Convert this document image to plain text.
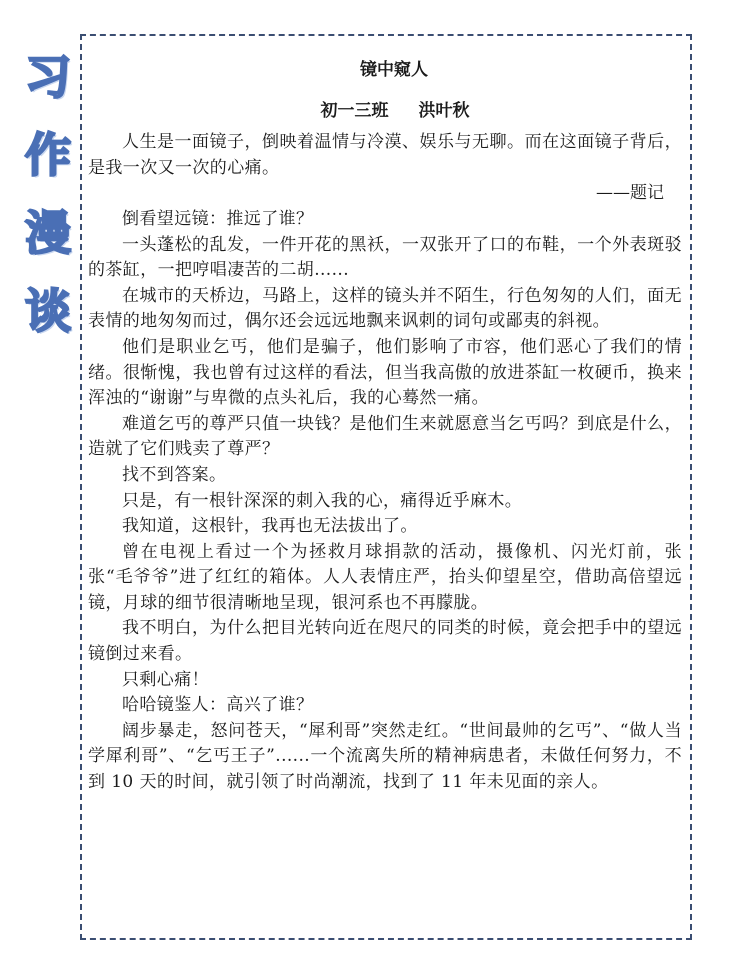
习
作
漫
谈

镜中窥人

初一三班 洪叶秋

人生是一面镜子，倒映着温情与冷漠、娱乐与无聊。而在这面镜子背后，是我一次又一次的心痛。

——题记

倒看望远镜：推远了谁？

一头蓬松的乱发，一件开花的黑袄，一双张开了口的布鞋，一个外表斑驳的茶缸，一把哼唱凄苦的二胡......

在城市的天桥边，马路上，这样的镜头并不陌生，行色匆匆的人们，面无表情的地匆匆而过，偶尔还会远远地飘来讽刺的词句或鄙夷的斜视。

他们是职业乞丐，他们是骗子，他们影响了市容，他们恶心了我们的情绪。很惭愧，我也曾有过这样的看法，但当我高傲的放进茶缸一枚硬币，换来浑浊的“谢谢”与卑微的点头礼后，我的心蓦然一痛。

难道乞丐的尊严只值一块钱？是他们生来就愿意当乞丐吗？到底是什么，造就了它们贱卖了尊严？

找不到答案。

只是，有一根针深深的刺入我的心，痛得近乎麻木。

我知道，这根针，我再也无法拔出了。

曾在电视上看过一个为拯救月球捐款的活动，摄像机、闪光灯前，张张“毛爷爷”进了红红的箱体。人人表情庄严，抬头仰望星空，借助高倍望远镜，月球的细节很清晰地呈现，银河系也不再朦胧。

我不明白，为什么把目光转向近在咫尺的同类的时候，竟会把手中的望远镜倒过来看。

只剩心痛！

哈哈镜鉴人：高兴了谁？

阔步暴走，怒问苍天，“犀利哥”突然走红。“世间最帅的乞丐”、“做人当学犀利哥”、“乞丐王子”......一个流离失所的精神病患者，未做任何努力，不到 10 天的时间，就引领了时尚潮流，找到了 11 年未见面的亲人。
